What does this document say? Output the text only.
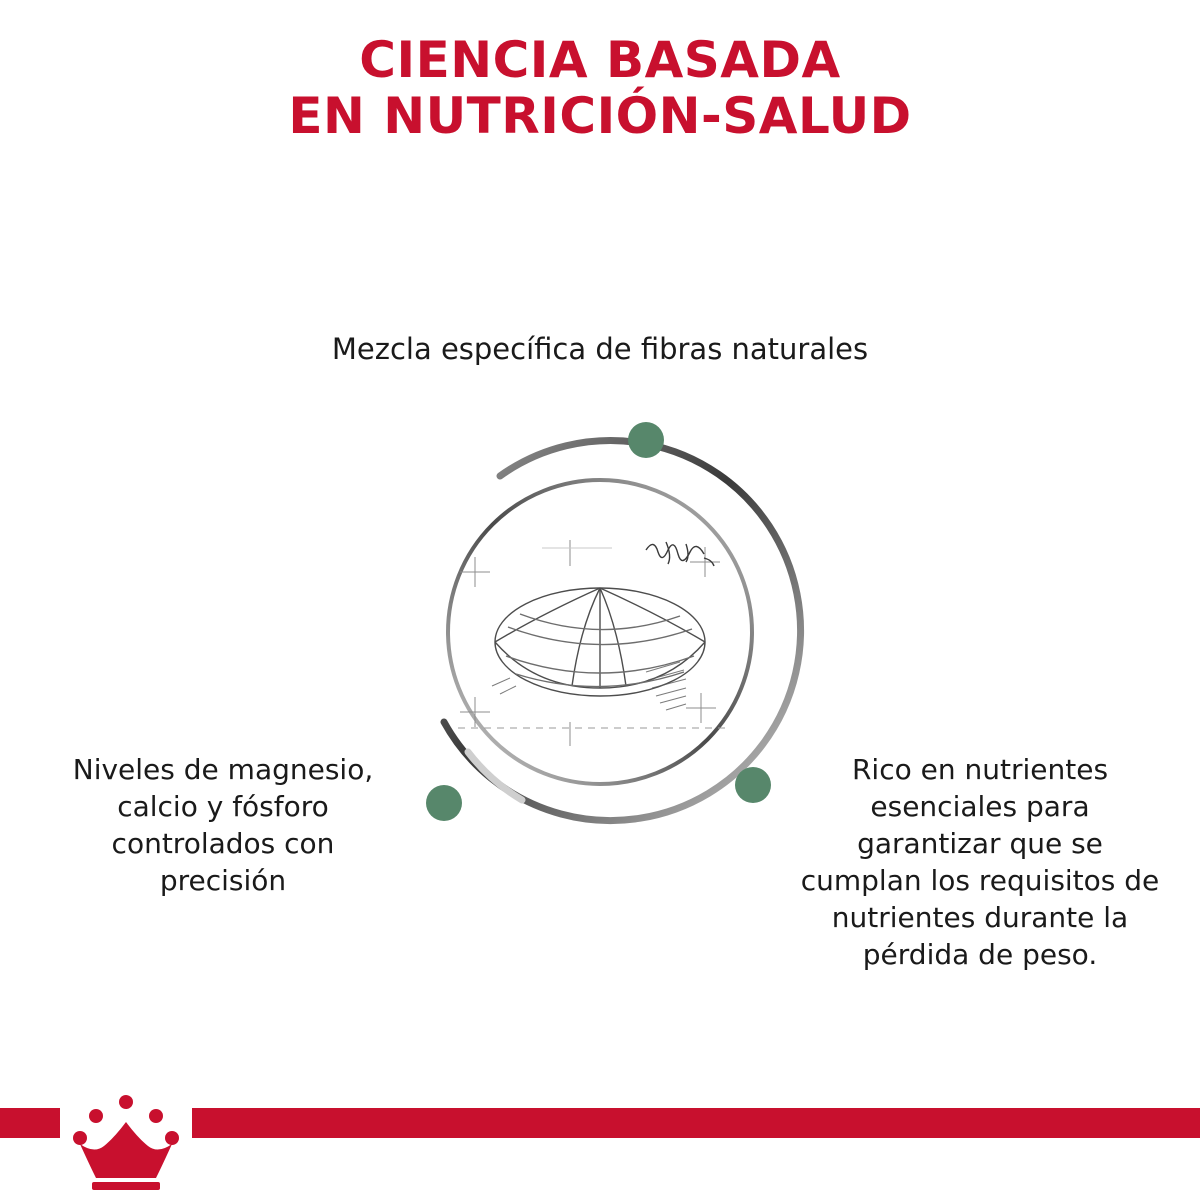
CIENCIA BASADA
EN NUTRICIÓN-SALUD
Mezcla específica de fibras naturales
Niveles de magnesio, calcio y fósforo controlados con precisión
Rico en nutrientes esenciales para garantizar que se cumplan los requisitos de nutrientes durante la pérdida de peso.
